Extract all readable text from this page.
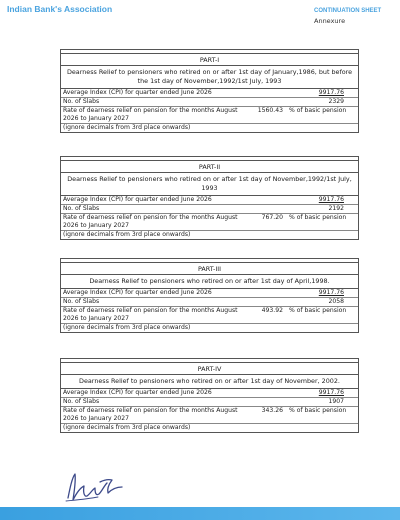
Indian Bank's Association	CONTINUATION SHEET
Annexure
PART-I
Dearness Relief to pensioners who retired on or after 1st day of January,1986, but before the 1st day of November,1992/1st July, 1993
Average Index (CPI) for quarter ended June 2026	9917.76
No. of Slabs	2329
Rate of dearness relief on pension for the months August 2026 to January 2027
1560.43 % of basic pension
(ignore decimals from 3rd place onwards)
PART-II
Dearness Relief to pensioners who retired on or after 1st day of November,1992/1st July, 1993
Average Index (CPI) for quarter ended June 2026	9917.76
No. of Slabs	2192
Rate of dearness relief on pension for the months August 2026 to January 2027
767.20 % of basic pension
(ignore decimals from 3rd place onwards)
PART-III
Dearness Relief to pensioners who retired on or after 1st day of April,1998.
Average Index (CPI) for quarter ended June 2026	9917.76
No. of Slabs	2058
Rate of dearness relief on pension for the months August 2026 to January 2027
493.92 % of basic pension
(ignore decimals from 3rd place onwards)
PART-IV
Dearness Relief to pensioners who retired on or after 1st day of November, 2002.
Average Index (CPI) for quarter ended June 2026	9917.76
No. of Slabs	1907
Rate of dearness relief on pension for the months August 2026 to January 2027
343.26 % of basic pension
(ignore decimals from 3rd place onwards)
